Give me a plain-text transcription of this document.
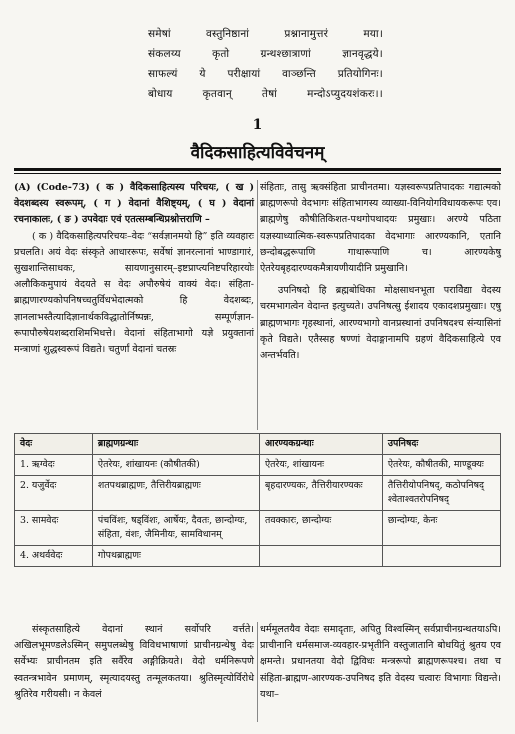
समेषां	वस्तुनिष्ठानां	प्रश्नानामुत्तरं	मया।
संकलय्य	कृतो	ग्रन्थश्छात्राणां	ज्ञानवृद्धये।
साफल्यं ये परीक्षायां वाञ्छन्ति प्रतियोगिनः।
बोधाय	कृतवान्	तेषां	मन्दोऽप्युदयशंकरः।।
1
वैदिकसाहित्यविवेचनम्

(A) (Code-73) ( क ) वैदिकसाहित्यस्य परिचयः, ( ख ) वेदशब्दस्य स्वरूपम्, ( ग ) वेदानां वैशिष्ट्यम्, ( घ ) वेदानां रचनाकालः, ( ङ ) उपवेदाः एवं एतत्सम्बन्धिप्रश्नोत्तराणि –

( क ) वैदिकसाहित्यपरिचयः–वेदः “सर्वज्ञानमयो हि” इति व्यवहारः प्रचलति। अयं वेदः संस्कृते आधाररूपः, सर्वेषां ज्ञानरत्नानां भाण्डागारं, सुखशान्तिसाधकः, सायणानुसारम्–इष्टप्राप्त्यनिष्टपरिहारयोः अलौकिकमुपायं वेदयते स वेदः अपौरुषेयं वाक्यं वेदः। संहिता-ब्राह्मणारण्यकोपनिषच्चतुर्विधभेदात्मको हि वेदशब्दः, ज्ञानलाभस्तैत्यादिज्ञानार्थकविद्धातोर्निष्पन्नः, सम्पूर्णज्ञान-रूपापौरुषेयशब्दराशिमभिधत्ते। वेदानां संहिताभागो यज्ञे प्रयुक्तानां मन्त्राणां शुद्धस्वरूपं विद्यते। चतुर्णां वेदानां चतस्रः

संहिताः, तासु ऋक्संहिता प्राचीनतमा। यज्ञस्वरूपप्रतिपादकः गद्यात्मको ब्राह्मणरूपो वेदभागः संहिताभागस्य व्याख्या-विनियोगविधायकरूपः एव। ब्राह्मणेषु कौषीतिकिशत-पथगोपथादयः प्रमुखाः। अरण्ये पठिता यज्ञस्याध्यात्मिक-स्वरूपप्रतिपादका वेदभागाः आरण्यकानि, एतानि छन्दोबद्धरूपाणि गाथारूपाणि च। आरण्यकेषु ऐतरेयबृहदारण्यकमैत्रायणीयादीनि प्रमुखानि।

उपनिषदो हि ब्रह्मबोधिका मोक्षसाधनभूता परावेिद्या वेदस्य चरमभागत्वेन वेदान्त इत्युच्यते। उपनिषत्सु ईशादय एकादशप्रमुखाः। एषु ब्राह्मणभागः गृहस्थानां, आरण्यभागो वानप्रस्थानां उपनिषदश्च संन्यासिनां कृते विद्यते। एतैस्सह षण्णां वेदाङ्गानामपि ग्रहणं वैदिकसाहित्ये एव अन्तर्भवति।

वेदः	ब्राह्मणग्रन्थाः	आरण्यकग्रन्थाः	उपनिषदः
1. ऋग्वेदः	ऐतरेयः, शांखायनः (कौषीतकी)	ऐतरेयः, शांखायनः	ऐतरेयः, कौषीतकी, माण्डूक्यः
2. यजुर्वेदः	शतपथब्राह्मणः, तैत्तिरीयब्राह्मणः	बृहदारण्यकः, तैत्तिरीयारण्यकः	तैत्तिरीयोपनिषद्, कठोपनिषद् श्वेताश्वतरोपनिषद्
3. सामवेदः	पंचविंशः, षड्विंशः, आर्षेयः, दैवतः, छान्दोग्यः, संहिता, वंशः, जैमिनीयः, सामविधानम्	तवक्कारः, छान्दोग्यः	छान्दोग्यः, केनः
4. अथर्ववेदः	गोपथब्राह्मणः		

संस्कृतसाहित्ये वेदानां स्थानं सर्वोपरि वर्त्तते। अखिलभूमण्डलेऽस्मिन् समुपलब्धेषु विविधभाषाणां प्राचीनग्रन्थेषु वेदः सर्वेभ्यः प्राचीनतम इति सर्वैरेव अङ्गीक्रियते। वेदो धर्मनिरूपणे स्वतन्त्रभावेन प्रमाणम्, स्मृत्यादयस्तु तन्मूलकतया। श्रुतिस्मृत्योर्विरोधे श्रुतिरेव गरीयसी। न केवलं

धर्ममूलतयैव वेदाः समादृताः, अपितु विश्वस्मिन् सर्वप्राचीनग्रन्थतयाऽपि। प्राचीनानि धर्मसमाज-व्यवहार-प्रभृतीनि वस्तुजातानि बोधयितुं श्रुतय एव क्षमन्ते। प्रधानतया वेदो द्विविधः मन्त्ररूपो ब्राह्मणरूपश्च। तथा च संहिता-ब्राह्मण-आरण्यक-उपनिषद इति वेदस्य चत्वारः विभागाः विद्यन्ते। यथा–
